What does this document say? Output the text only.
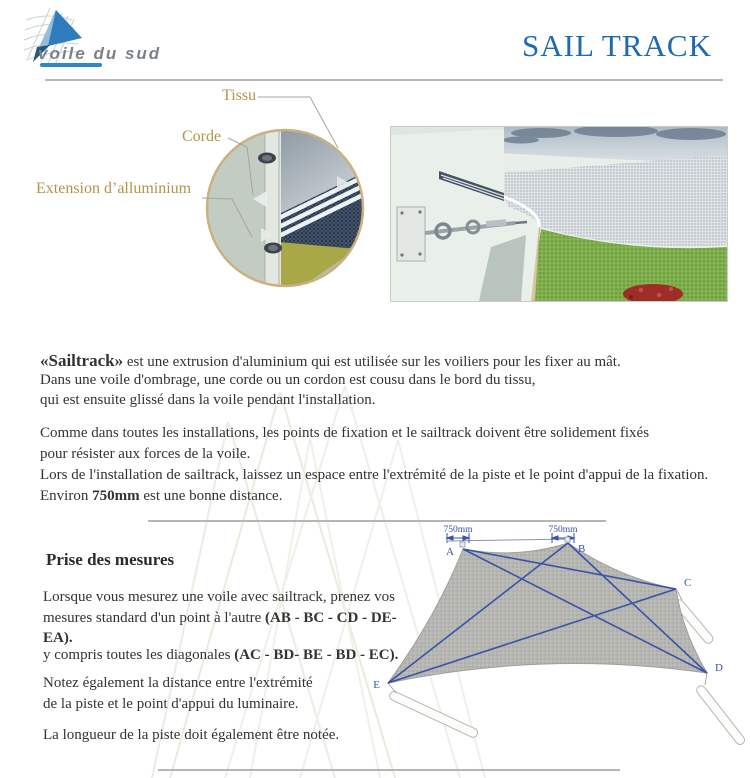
voile du sud	SAIL TRACK
Tissu
Corde
Extension d’alluminium
«Sailtrack» est une extrusion d'aluminium qui est utilisée sur les voiliers pour les fixer au mât.
Dans une voile d'ombrage, une corde ou un cordon est cousu dans le bord du tissu,
qui est ensuite glissé dans la voile pendant l'installation.
Comme dans toutes les installations, les points de fixation et le sailtrack doivent être solidement fixés
pour résister aux forces de la voile.
Lors de l'installation de sailtrack, laissez un espace entre l'extrémité de la piste et le point d'appui de la fixation.
Environ 750mm est une bonne distance.
Prise des mesures
Lorsque vous mesurez une voile avec sailtrack, prenez vos
mesures standard d'un point à l'autre (AB - BC - CD - DE-
EA).
y compris toutes les diagonales (AC - BD- BE - BD - EC).
Notez également la distance entre l'extrémité
de la piste et le point d'appui du luminaire.
La longueur de la piste doit également être notée.
750mm	750mm
A	B
C
D
E
